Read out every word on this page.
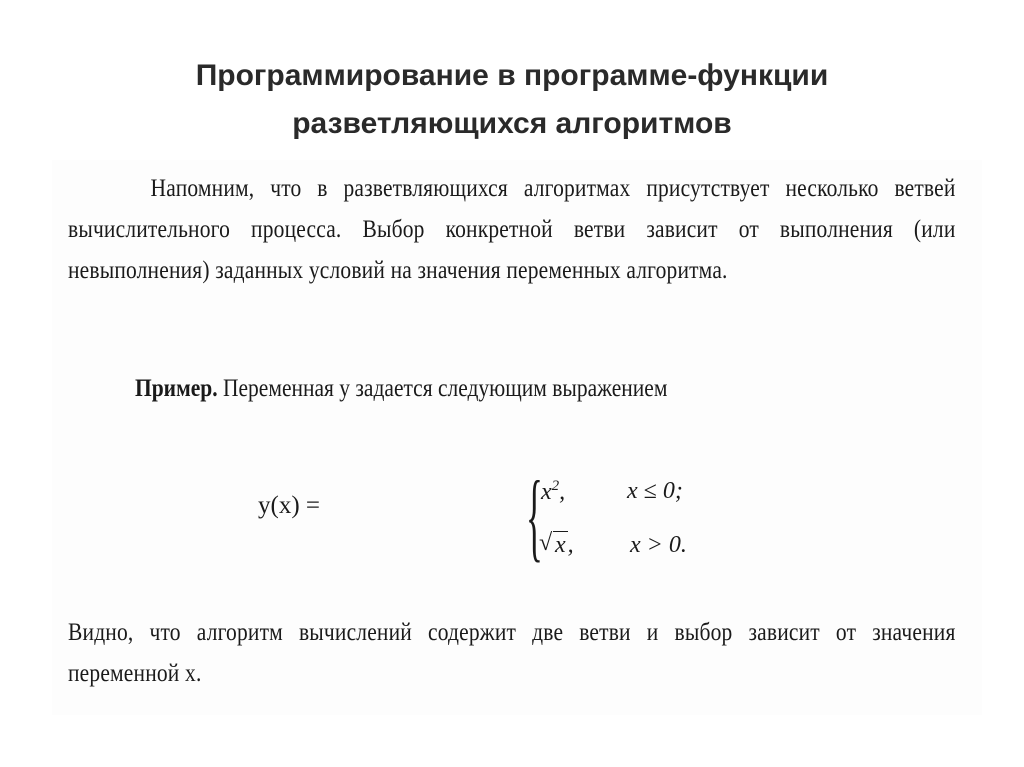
Программирование в программе-функции
разветляющихся алгоритмов
Напомним, что в разветвляющихся алгоритмах присутствует несколько ветвей вычислительного процесса. Выбор конкретной ветви зависит от выполнения (или невыполнения) заданных условий на значения переменных алгоритма.
Пример. Переменная y задается следующим выражением
y(x) = {
$x^2$,	x ≤ 0;
√ x, x > 0.
Видно, что алгоритм вычислений содержит две ветви и выбор зависит от значения переменной x.
